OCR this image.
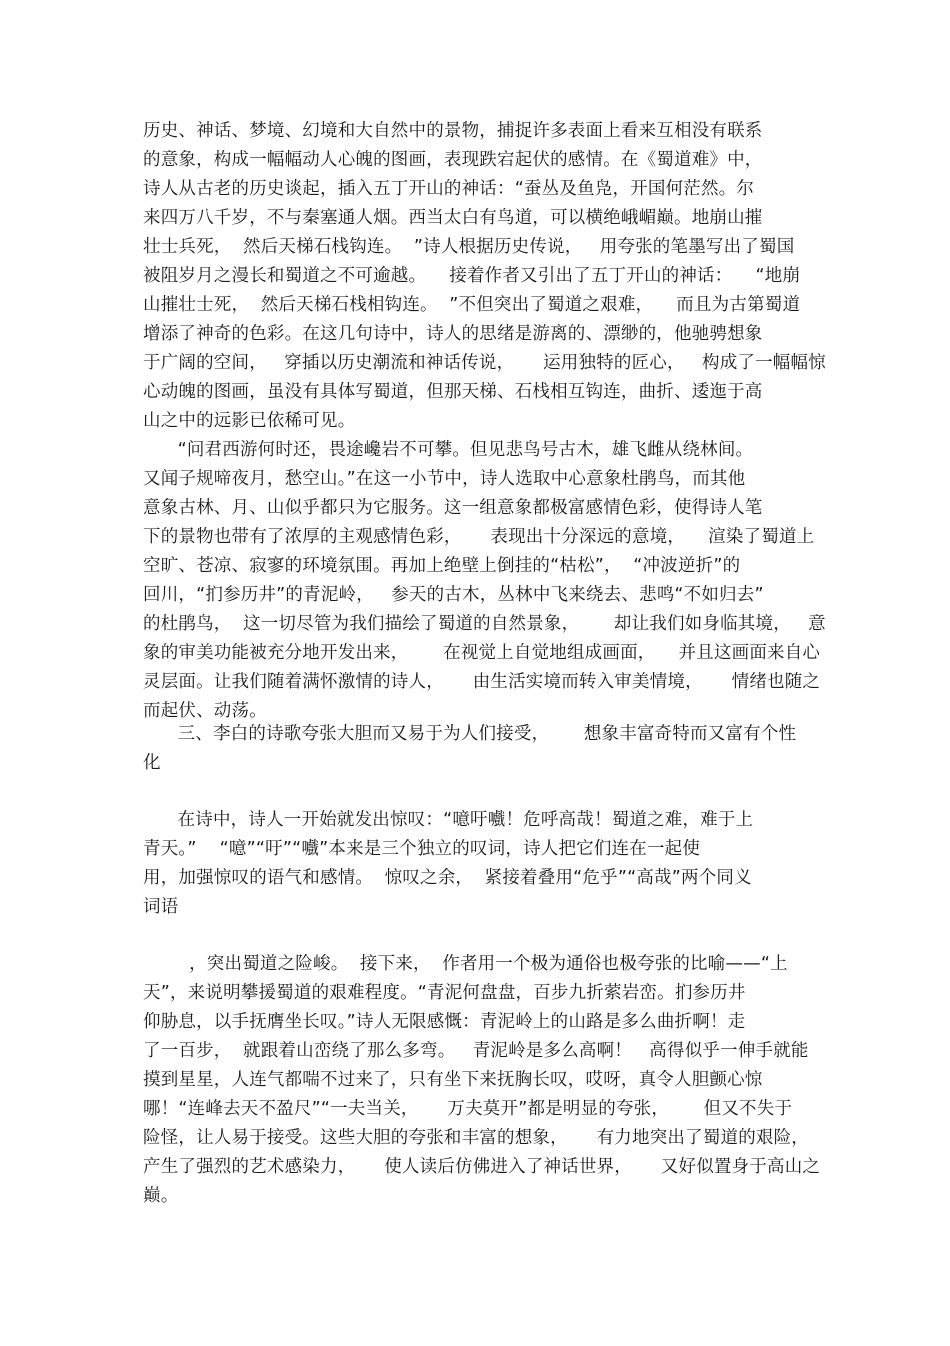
历史、神话、梦境、幻境和大自然中的景物，捕捉许多表面上看来互相没有联系
的意象，构成一幅幅动人心魄的图画，表现跌宕起伏的感情。在《蜀道难》中，
诗人从古老的历史谈起，插入五丁开山的神话：“蚕丛及鱼凫，开国何茫然。尔
来四万八千岁，不与秦塞通人烟。西当太白有鸟道，可以横绝峨嵋巅。地崩山摧
壮士兵死，  然后天梯石栈钩连。  ”诗人根据历史传说，   用夸张的笔墨写出了蜀国
被阻岁月之漫长和蜀道之不可逾越。    接着作者又引出了五丁开山的神话：    “地崩
山摧壮士死，  然后天梯石栈相钩连。  ”不但突出了蜀道之艰难，    而且为古第蜀道
增添了神奇的色彩。在这几句诗中，诗人的思绪是游离的、漂缈的，他驰骋想象
于广阔的空间，   穿插以历史潮流和神话传说，     运用独特的匠心，   构成了一幅幅惊
心动魄的图画，虽没有具体写蜀道，但那天梯、石栈相互钩连，曲折、逶迤于高
山之中的远影已依稀可见。
“问君西游何时还，畏途巉岩不可攀。但见悲鸟号古木，雄飞雌从绕林间。
又闻子规啼夜月，愁空山。”在这一小节中，诗人选取中心意象杜鹃鸟，而其他
意象古林、月、山似乎都只为它服务。这一组意象都极富感情色彩，使得诗人笔
下的景物也带有了浓厚的主观感情色彩，     表现出十分深远的意境，    渲染了蜀道上
空旷、苍凉、寂寥的环境氛围。再加上绝壁上倒挂的“枯松”，  “冲波逆折”的
回川，“扪参历井”的青泥岭，   参天的古木，丛林中飞来绕去、悲鸣“不如归去”
的杜鹃鸟，  这一切尽管为我们描绘了蜀道的自然景象，      却让我们如身临其境，   意
象的审美功能被充分地开发出来，      在视觉上自觉地组成画面，    并且这画面来自心
灵层面。让我们随着满怀激情的诗人，     由生活实境而转入审美情境，     情绪也随之
而起伏、动荡。
三、李白的诗歌夸张大胆而又易于为人们接受，      想象丰富奇特而又富有个性
化
在诗中，诗人一开始就发出惊叹：“噫吁嚱！危呼高哉！蜀道之难，难于上
青天。”    “噫”“吁”“嚱”本来是三个独立的叹词，诗人把它们连在一起使
用，加强惊叹的语气和感情。  惊叹之余，  紧接着叠用“危乎”“高哉”两个同义
词语
，突出蜀道之险峻。  接下来，  作者用一个极为通俗也极夸张的比喻——“上
天”，来说明攀援蜀道的艰难程度。“青泥何盘盘，百步九折萦岩峦。扪参历井
仰胁息，以手抚膺坐长叹。”诗人无限感慨：青泥岭上的山路是多么曲折啊！走
了一百步，  就跟着山峦绕了那么多弯。   青泥岭是多么高啊！   高得似乎一伸手就能
摸到星星，人连气都喘不过来了，只有坐下来抚胸长叹，哎呀，真令人胆颤心惊
哪！“连峰去天不盈尺”“一夫当关，     万夫莫开”都是明显的夸张，      但又不失于
险怪，让人易于接受。这些大胆的夸张和丰富的想象，     有力地突出了蜀道的艰险，
产生了强烈的艺术感染力，     使人读后仿佛进入了神话世界，     又好似置身于高山之
巅。
